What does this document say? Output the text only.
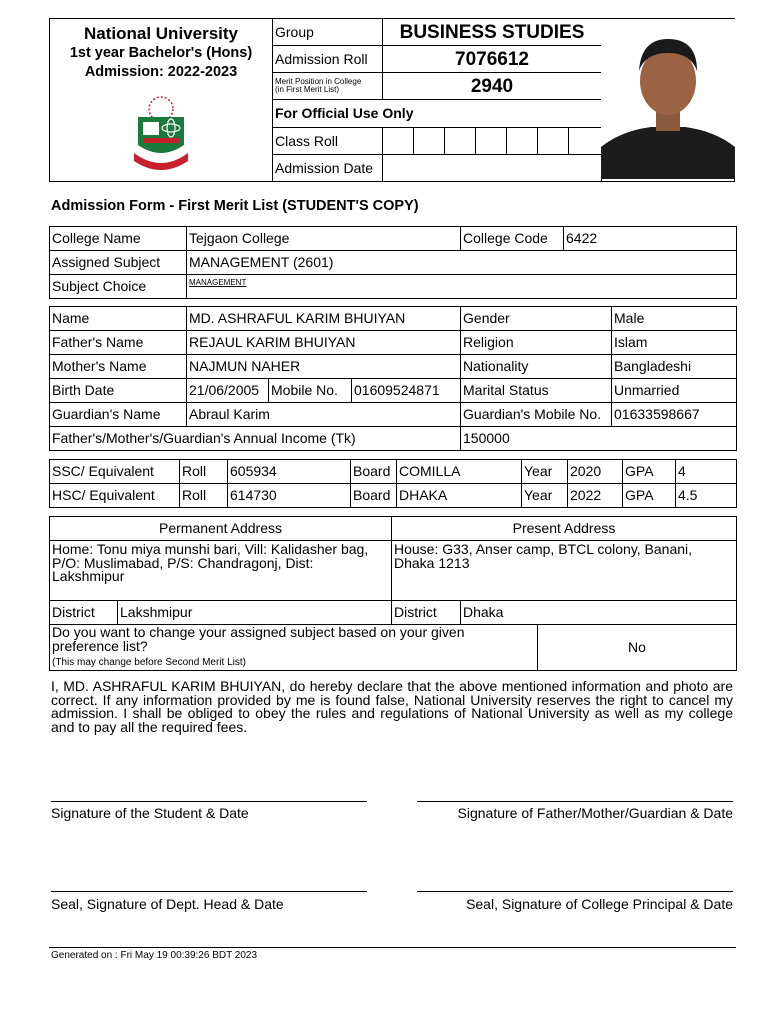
National University
1st year Bachelor's (Hons)
Admission: 2022-2023
Group	BUSINESS STUDIES						
Admission Roll	7076612						
Merit Position in College
(in First Merit List)	2940						
For Official Use Only							
Class Roll							
Admission Date							
Admission Form - First Merit List (STUDENT'S COPY)
College Name	Tejgaon College	College Code	6422
Assigned Subject	MANAGEMENT (2601)		
Subject Choice	MANAGEMENT		
Name	MD. ASHRAFUL KARIM BHUIYAN			Gender	Male
Father's Name	REJAUL KARIM BHUIYAN			Religion	Islam
Mother's Name	NAJMUN NAHER			Nationality	Bangladeshi
Birth Date	21/06/2005	Mobile No.	01609524871	Marital Status	Unmarried
Guardian's Name	Abraul Karim			Guardian's Mobile No.	01633598667
Father's/Mother's/Guardian's Annual Income (Tk)				150000	
SSC/ Equivalent	Roll	605934	Board	COMILLA	Year	2020	GPA	4
HSC/ Equivalent	Roll	614730	Board	DHAKA	Year	2022	GPA	4.5
Permanent Address		Present Address		
Home: Tonu miya munshi bari, Vill: Kalidasher bag, P/O: Muslimabad, P/S: Chandragonj, Dist: Lakshmipur		House: G33, Anser camp, BTCL colony, Banani, Dhaka 1213		
District	Lakshmipur	District	Dhaka	
Do you want to change your assigned subject based on your given preference list?
(This may change before Second Merit List)				No
I, MD. ASHRAFUL KARIM BHUIYAN, do hereby declare that the above mentioned information and photo are correct. If any information provided by me is found false, National University reserves the right to cancel my admission. I shall be obliged to obey the rules and regulations of National University as well as my college and to pay all the required fees.
Signature of the Student & Date	Signature of Father/Mother/Guardian & Date
Seal, Signature of Dept. Head & Date	Seal, Signature of College Principal & Date
Generated on : Fri May 19 00:39:26 BDT 2023
